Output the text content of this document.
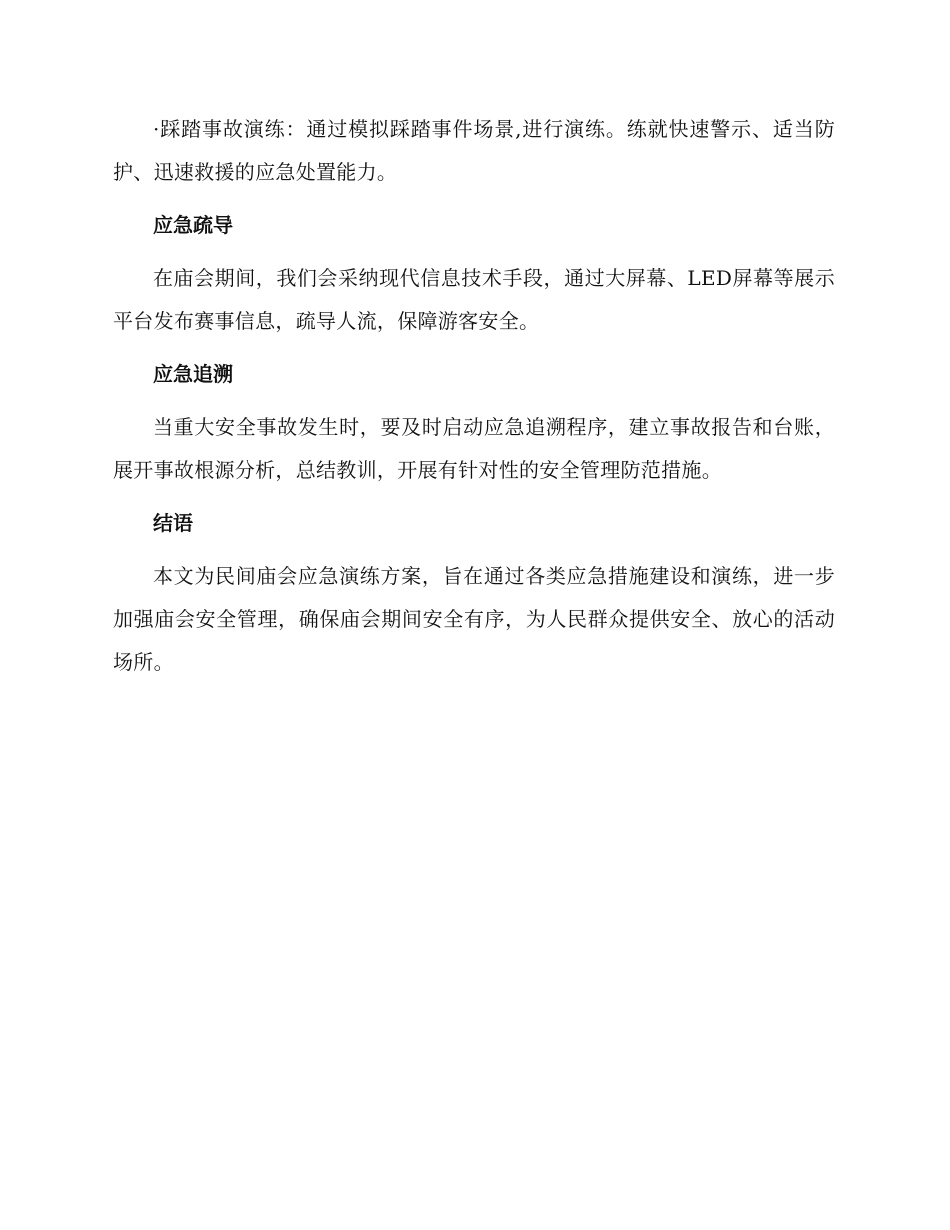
·踩踏事故演练：通过模拟踩踏事件场景,进行演练。练就快速警示、适当防护、迅速救援的应急处置能力。

应急疏导

在庙会期间，我们会采纳现代信息技术手段，通过大屏幕、LED屏幕等展示平台发布赛事信息，疏导人流，保障游客安全。

应急追溯

当重大安全事故发生时，要及时启动应急追溯程序，建立事故报告和台账，展开事故根源分析，总结教训，开展有针对性的安全管理防范措施。

结语

本文为民间庙会应急演练方案，旨在通过各类应急措施建设和演练，进一步加强庙会安全管理，确保庙会期间安全有序，为人民群众提供安全、放心的活动场所。
